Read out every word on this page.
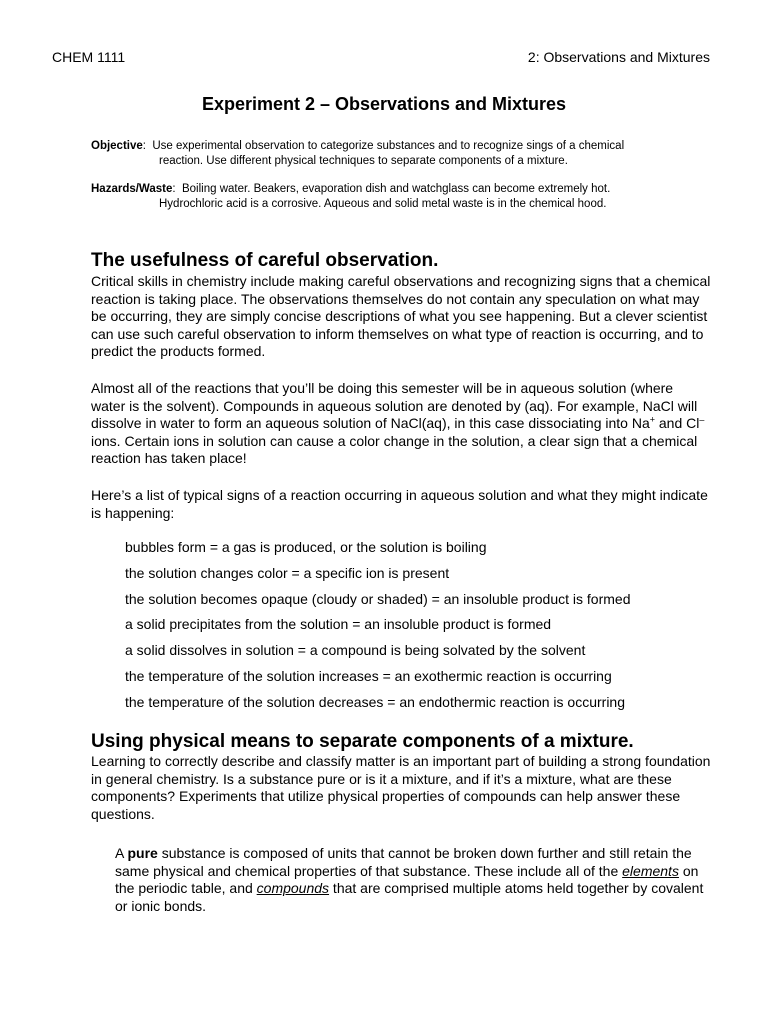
CHEM 1111	2: Observations and Mixtures
Experiment 2 – Observations and Mixtures
Objective:  Use experimental observation to categorize substances and to recognize sings of a chemical
reaction. Use different physical techniques to separate components of a mixture.
Hazards/Waste:  Boiling water. Beakers, evaporation dish and watchglass can become extremely hot.
Hydrochloric acid is a corrosive. Aqueous and solid metal waste is in the chemical hood.
The usefulness of careful observation.

Critical skills in chemistry include making careful observations and recognizing signs that a chemical reaction is taking place. The observations themselves do not contain any speculation on what may be occurring, they are simply concise descriptions of what you see happening. But a clever scientist can use such careful observation to inform themselves on what type of reaction is occurring, and to predict the products formed.

Almost all of the reactions that you’ll be doing this semester will be in aqueous solution (where water is the solvent). Compounds in aqueous solution are denoted by (aq). For example, NaCl will dissolve in water to form an aqueous solution of NaCl(aq), in this case dissociating into Na+ and Cl– ions. Certain ions in solution can cause a color change in the solution, a clear sign that a chemical reaction has taken place!

Here’s a list of typical signs of a reaction occurring in aqueous solution and what they might indicate is happening:

bubbles form = a gas is produced, or the solution is boiling
the solution changes color = a specific ion is present
the solution becomes opaque (cloudy or shaded) = an insoluble product is formed
a solid precipitates from the solution = an insoluble product is formed
a solid dissolves in solution = a compound is being solvated by the solvent
the temperature of the solution increases = an exothermic reaction is occurring
the temperature of the solution decreases = an endothermic reaction is occurring
Using physical means to separate components of a mixture.

Learning to correctly describe and classify matter is an important part of building a strong foundation in general chemistry. Is a substance pure or is it a mixture, and if it’s a mixture, what are these components? Experiments that utilize physical properties of compounds can help answer these questions.

A pure substance is composed of units that cannot be broken down further and still retain the same physical and chemical properties of that substance. These include all of the elements on the periodic table, and compounds that are comprised multiple atoms held together by covalent or ionic bonds.
